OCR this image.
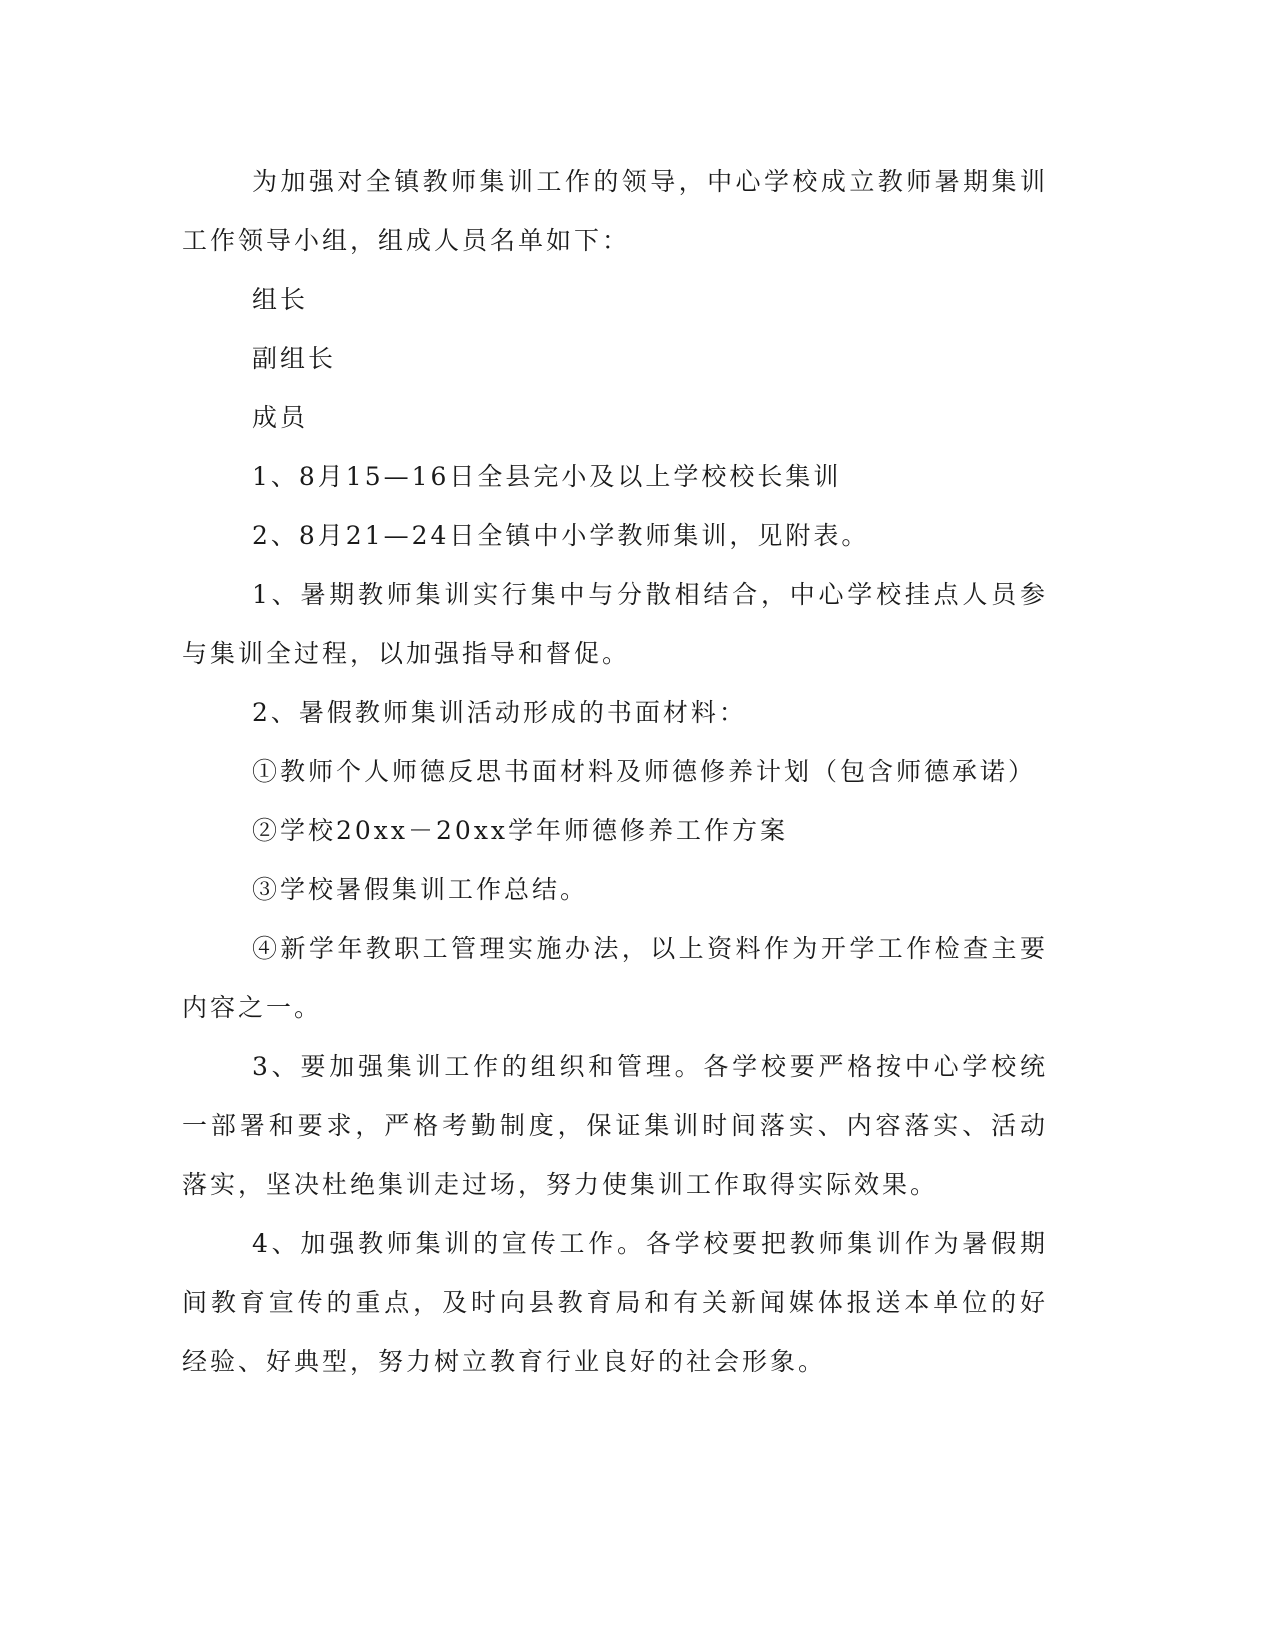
为加强对全镇教师集训工作的领导，中心学校成立教师暑期集训工作领导小组，组成人员名单如下：

组长

副组长

成员

1、8月15—16日全县完小及以上学校校长集训

2、8月21—24日全镇中小学教师集训，见附表。

1、暑期教师集训实行集中与分散相结合，中心学校挂点人员参与集训全过程，以加强指导和督促。

2、暑假教师集训活动形成的书面材料：

①教师个人师德反思书面材料及师德修养计划（包含师德承诺）

②学校20xx－20xx学年师德修养工作方案

③学校暑假集训工作总结。

④新学年教职工管理实施办法，以上资料作为开学工作检查主要内容之一。

3、要加强集训工作的组织和管理。各学校要严格按中心学校统一部署和要求，严格考勤制度，保证集训时间落实、内容落实、活动落实，坚决杜绝集训走过场，努力使集训工作取得实际效果。

4、加强教师集训的宣传工作。各学校要把教师集训作为暑假期间教育宣传的重点，及时向县教育局和有关新闻媒体报送本单位的好经验、好典型，努力树立教育行业良好的社会形象。
